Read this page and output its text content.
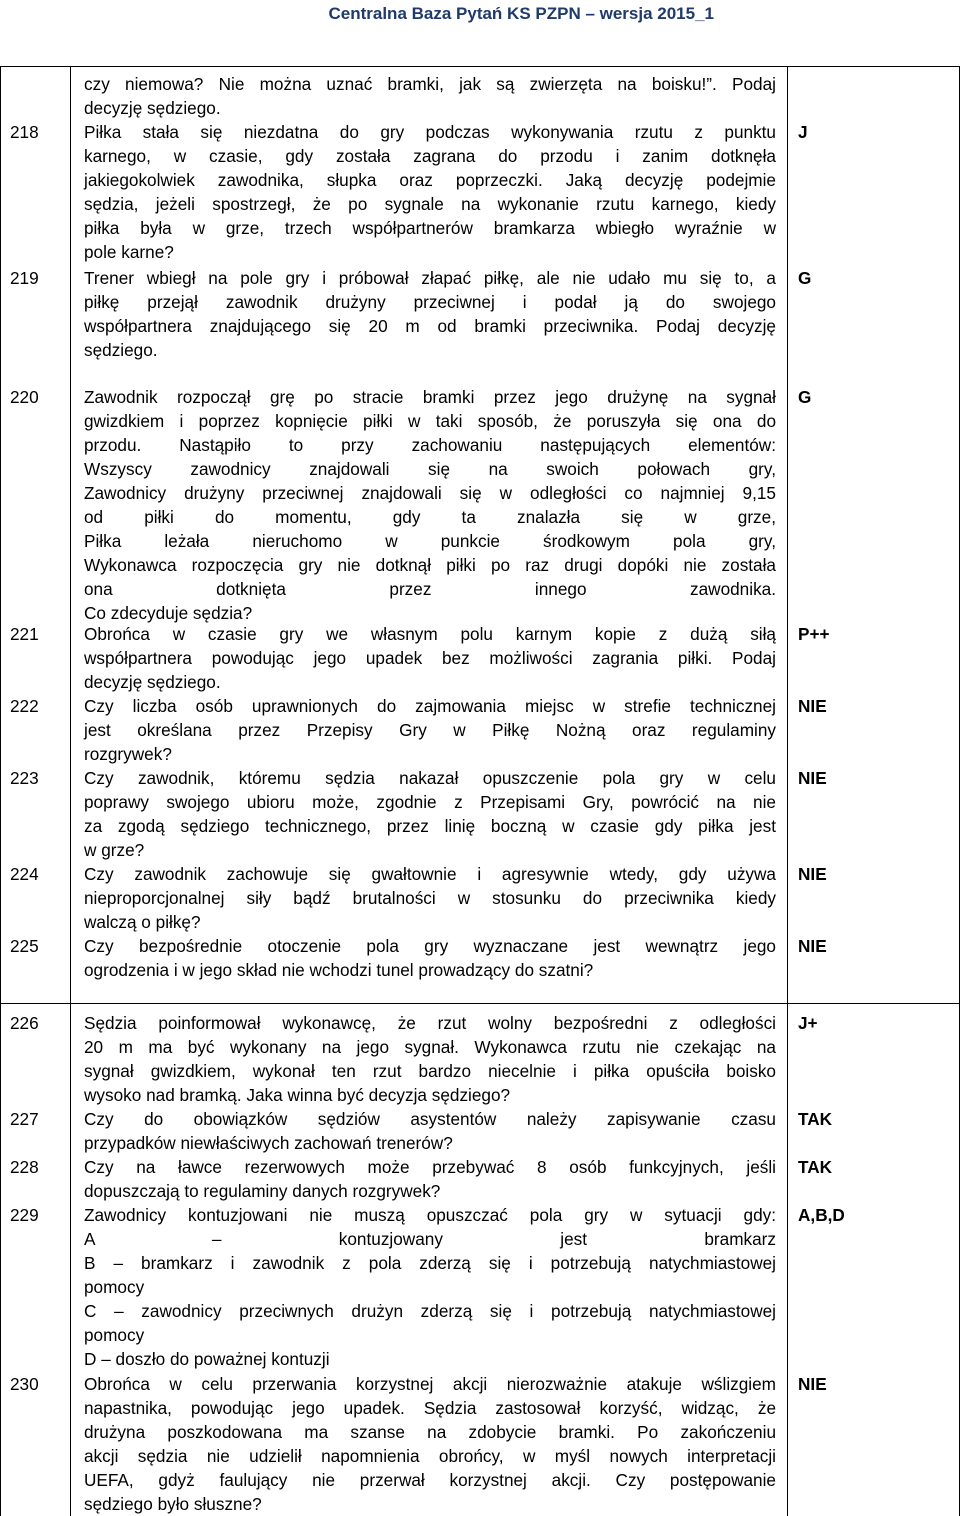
Centralna Baza Pytań KS PZPN – wersja 2015_1
czy niemowa? Nie można uznać bramki, jak są zwierzęta na boisku!”. Podaj
decyzję sędziego.
218	Piłka stała się niezdatna do gry podczas wykonywania rzutu z punktu
karnego, w czasie, gdy została zagrana do przodu i zanim dotknęła
jakiegokolwiek zawodnika, słupka oraz poprzeczki. Jaką decyzję podejmie
sędzia, jeżeli spostrzegł, że po sygnale na wykonanie rzutu karnego, kiedy
piłka była w grze, trzech współpartnerów bramkarza wbiegło wyraźnie w
pole karne?
J
219	Trener wbiegł na pole gry i próbował złapać piłkę, ale nie udało mu się to, a
piłkę przejął zawodnik drużyny przeciwnej i podał ją do swojego
współpartnera znajdującego się 20 m od bramki przeciwnika. Podaj decyzję
sędziego.
G
220	Zawodnik rozpoczął grę po stracie bramki przez jego drużynę na sygnał
gwizdkiem i poprzez kopnięcie piłki w taki sposób, że poruszyła się ona do
przodu. Nastąpiło to przy zachowaniu następujących elementów:
Wszyscy zawodnicy znajdowali się na swoich połowach gry,
Zawodnicy drużyny przeciwnej znajdowali się w odległości co najmniej 9,15
od piłki do momentu, gdy ta znalazła się w grze,
Piłka leżała nieruchomo w punkcie środkowym pola gry,
Wykonawca rozpoczęcia gry nie dotknął piłki po raz drugi dopóki nie została
ona dotknięta przez innego zawodnika.
Co zdecyduje sędzia?
G
221	Obrońca w czasie gry we własnym polu karnym kopie z dużą siłą
współpartnera powodując jego upadek bez możliwości zagrania piłki. Podaj
decyzję sędziego.
P++
222	Czy liczba osób uprawnionych do zajmowania miejsc w strefie technicznej
jest określana przez Przepisy Gry w Piłkę Nożną oraz regulaminy
rozgrywek?
NIE
223	Czy zawodnik, któremu sędzia nakazał opuszczenie pola gry w celu
poprawy swojego ubioru może, zgodnie z Przepisami Gry, powrócić na nie
za zgodą sędziego technicznego, przez linię boczną w czasie gdy piłka jest
w grze?
NIE
224	Czy zawodnik zachowuje się gwałtownie i agresywnie wtedy, gdy używa
nieproporcjonalnej siły bądź brutalności w stosunku do przeciwnika kiedy
walczą o piłkę?
NIE
225	Czy bezpośrednie otoczenie pola gry wyznaczane jest wewnątrz jego
ogrodzenia i w jego skład nie wchodzi tunel prowadzący do szatni?
NIE
226	Sędzia poinformował wykonawcę, że rzut wolny bezpośredni z odległości
20 m ma być wykonany na jego sygnał. Wykonawca rzutu nie czekając na
sygnał gwizdkiem, wykonał ten rzut bardzo niecelnie i piłka opuściła boisko
wysoko nad bramką. Jaka winna być decyzja sędziego?
J+
227	Czy do obowiązków sędziów asystentów należy zapisywanie czasu
przypadków niewłaściwych zachowań trenerów?
TAK
228	Czy na ławce rezerwowych może przebywać 8 osób funkcyjnych, jeśli
dopuszczają to regulaminy danych rozgrywek?
TAK
229	Zawodnicy kontuzjowani nie muszą opuszczać pola gry w sytuacji gdy:
A – kontuzjowany jest bramkarz
B – bramkarz i zawodnik z pola zderzą się i potrzebują natychmiastowej
pomocy
C – zawodnicy przeciwnych drużyn zderzą się i potrzebują natychmiastowej
pomocy
D – doszło do poważnej kontuzji
A,B,D
230	Obrońca w celu przerwania korzystnej akcji nierozważnie atakuje wślizgiem
napastnika, powodując jego upadek. Sędzia zastosował korzyść, widząc, że
drużyna poszkodowana ma szanse na zdobycie bramki. Po zakończeniu
akcji sędzia nie udzielił napomnienia obrońcy, w myśl nowych interpretacji
UEFA, gdyż faulujący nie przerwał korzystnej akcji. Czy postępowanie
sędziego było słuszne?
NIE
